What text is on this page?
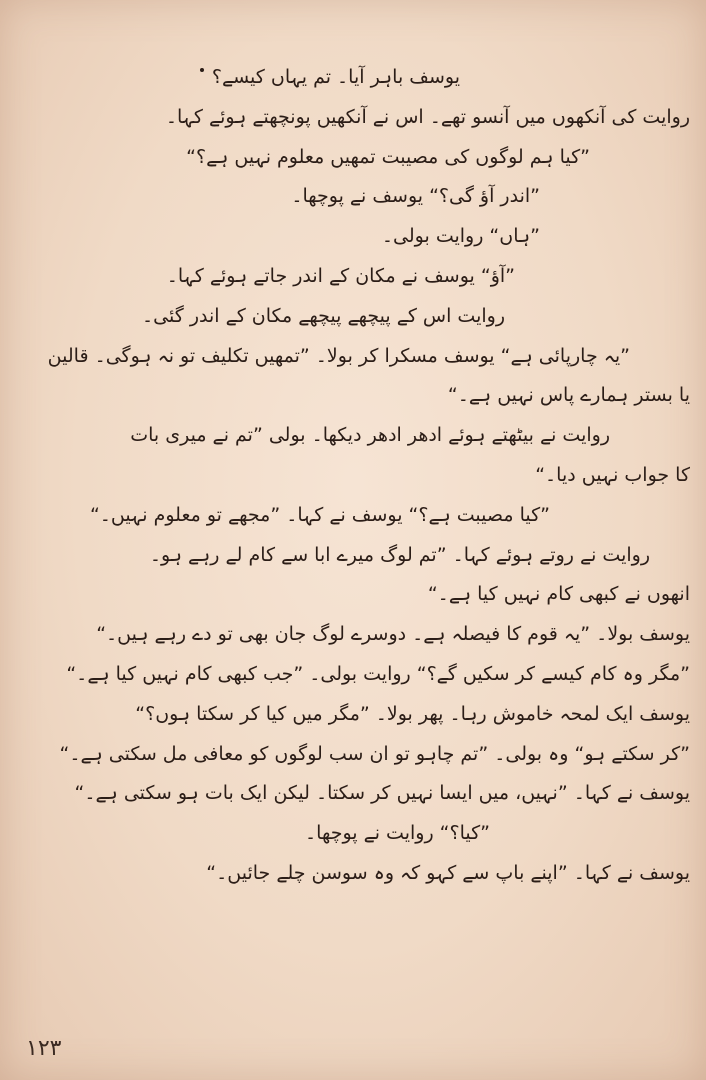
یوسف باہر آیا۔ تم یہاں کیسے؟
روایت کی آنکھوں میں آنسو تھے۔ اس نے آنکھیں پونچھتے ہوئے کہا۔
”کیا ہم لوگوں کی مصیبت تمھیں معلوم نہیں ہے؟“
”اندر آؤ گی؟“ یوسف نے پوچھا۔
”ہاں“ روایت بولی۔
”آؤ“ یوسف نے مکان کے اندر جاتے ہوئے کہا۔
روایت اس کے پیچھے پیچھے مکان کے اندر گئی۔
”یہ چارپائی ہے“ یوسف مسکرا کر بولا۔ ”تمھیں تکلیف تو نہ ہوگی۔ قالین
یا بستر ہمارے پاس نہیں ہے۔“
روایت نے بیٹھتے ہوئے ادھر ادھر دیکھا۔ بولی ”تم نے میری بات
کا جواب نہیں دیا۔“
”کیا مصیبت ہے؟“ یوسف نے کہا۔ ”مجھے تو معلوم نہیں۔“
روایت نے روتے ہوئے کہا۔ ”تم لوگ میرے ابا سے کام لے رہے ہو۔
انھوں نے کبھی کام نہیں کیا ہے۔“
یوسف بولا۔ ”یہ قوم کا فیصلہ ہے۔ دوسرے لوگ جان بھی تو دے رہے ہیں۔“
”مگر وہ کام کیسے کر سکیں گے؟“ روایت بولی۔ ”جب کبھی کام نہیں کیا ہے۔“
یوسف ایک لمحہ خاموش رہا۔ پھر بولا۔ ”مگر میں کیا کر سکتا ہوں؟“
”کر سکتے ہو“ وہ بولی۔ ”تم چاہو تو ان سب لوگوں کو معافی مل سکتی ہے۔“
یوسف نے کہا۔ ”نہیں، میں ایسا نہیں کر سکتا۔ لیکن ایک بات ہو سکتی ہے۔“
”کیا؟“ روایت نے پوچھا۔
یوسف نے کہا۔ ”اپنے باپ سے کہو کہ وہ سوسن چلے جائیں۔“
۱۲۳
